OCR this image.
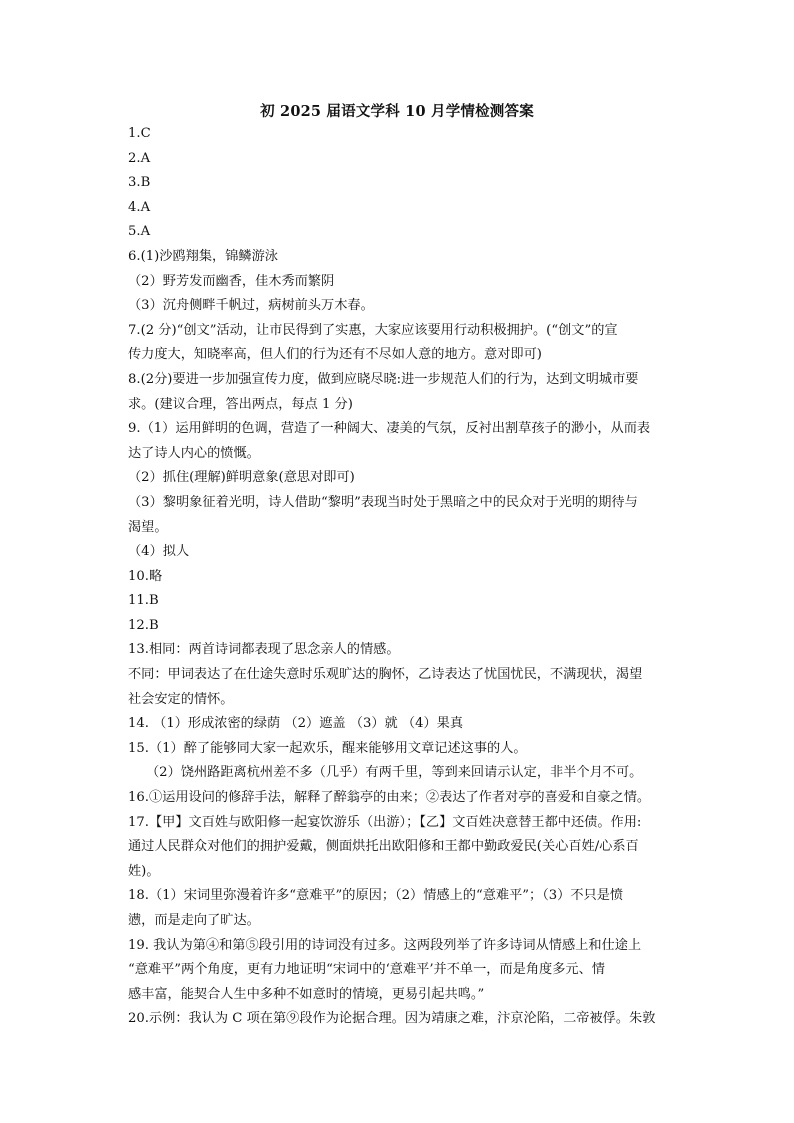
初 2025 届语文学科 10 月学情检测答案
1.C
2.A
3.B
4.A
5.A
6.(1)沙鸥翔集，锦鳞游泳
（2）野芳发而幽香，佳木秀而繁阴
（3）沉舟侧畔千帆过，病树前头万木春。
7.(2 分)“创文”活动，让市民得到了实惠，大家应该要用行动积极拥护。(“创文”的宣
传力度大，知晓率高，但人们的行为还有不尽如人意的地方。意对即可)
8.(2分)要进一步加强宣传力度，做到应晓尽晓:进一步规范人们的行为，达到文明城市要
求。(建议合理，答出两点，每点 1 分)
9.（1）运用鲜明的色调，营造了一种阔大、凄美的气氛，反衬出割草孩子的渺小，从而表
达了诗人内心的愤慨。
（2）抓住(理解)鲜明意象(意思对即可)
（3）黎明象征着光明，诗人借助“黎明”表现当时处于黑暗之中的民众对于光明的期待与
渴望。
（4）拟人
10.略
11.B
12.B
13.相同：两首诗词都表现了思念亲人的情感。
不同：甲词表达了在仕途失意时乐观旷达的胸怀，乙诗表达了忧国忧民，不满现状，渴望
社会安定的情怀。
14. （1）形成浓密的绿荫 （2）遮盖 （3）就 （4）果真
15.（1）醉了能够同大家一起欢乐，醒来能够用文章记述这事的人。
（2）饶州路距离杭州差不多（几乎）有两千里，等到来回请示认定，非半个月不可。
16.①运用设问的修辞手法，解释了醉翁亭的由来；②表达了作者对亭的喜爱和自豪之情。
17.【甲】文百姓与欧阳修一起宴饮游乐（出游）；【乙】文百姓决意替王都中还债。作用:
通过人民群众对他们的拥护爱戴，侧面烘托出欧阳修和王都中勤政爱民(关心百姓/心系百
姓)。
18.（1）宋词里弥漫着许多“意难平”的原因；（2）情感上的“意难平”；（3）不只是愤
懑，而是走向了旷达。
19. 我认为第④和第⑤段引用的诗词没有过多。这两段列举了许多诗词从情感上和仕途上
“意难平”两个角度，更有力地证明“宋词中的‘意难平’并不单一，而是角度多元、情
感丰富，能契合人生中多种不如意时的情境，更易引起共鸣。”
20.示例：我认为 C 项在第⑨段作为论据合理。因为靖康之难，汴京沦陷，二帝被俘。朱敦
